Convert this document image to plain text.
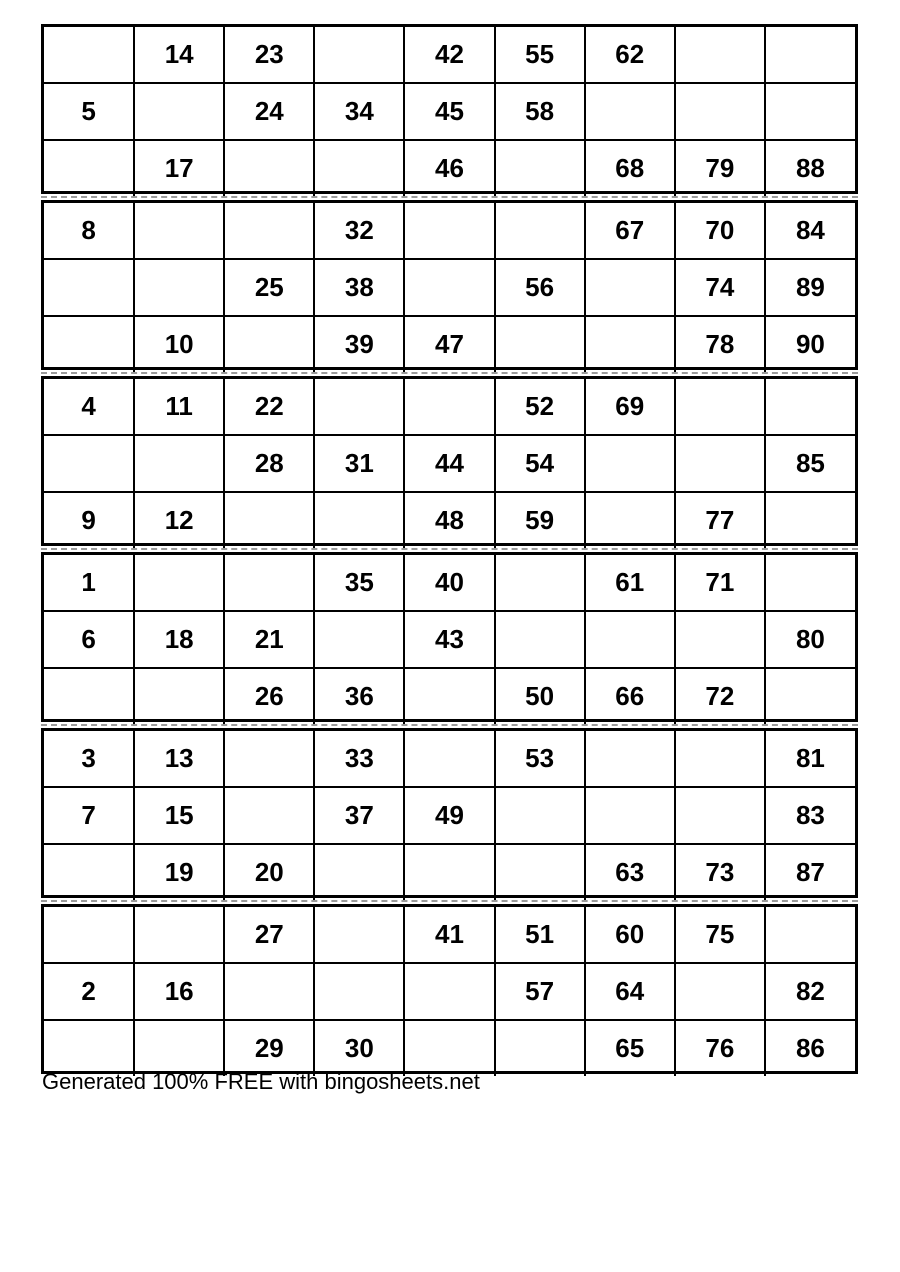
	14	23		42	55	62		
5		24	34	45	58			
	17			46		68	79	88
8			32			67	70	84
		25	38		56		74	89
	10		39	47			78	90
4	11	22			52	69		
		28	31	44	54			85
9	12			48	59		77	
1			35	40		61	71	
6	18	21		43				80
		26	36		50	66	72	
3	13		33		53			81
7	15		37	49				83
	19	20				63	73	87
		27		41	51	60	75	
2	16				57	64		82
		29	30			65	76	86
Generated 100% FREE with bingosheets.net
